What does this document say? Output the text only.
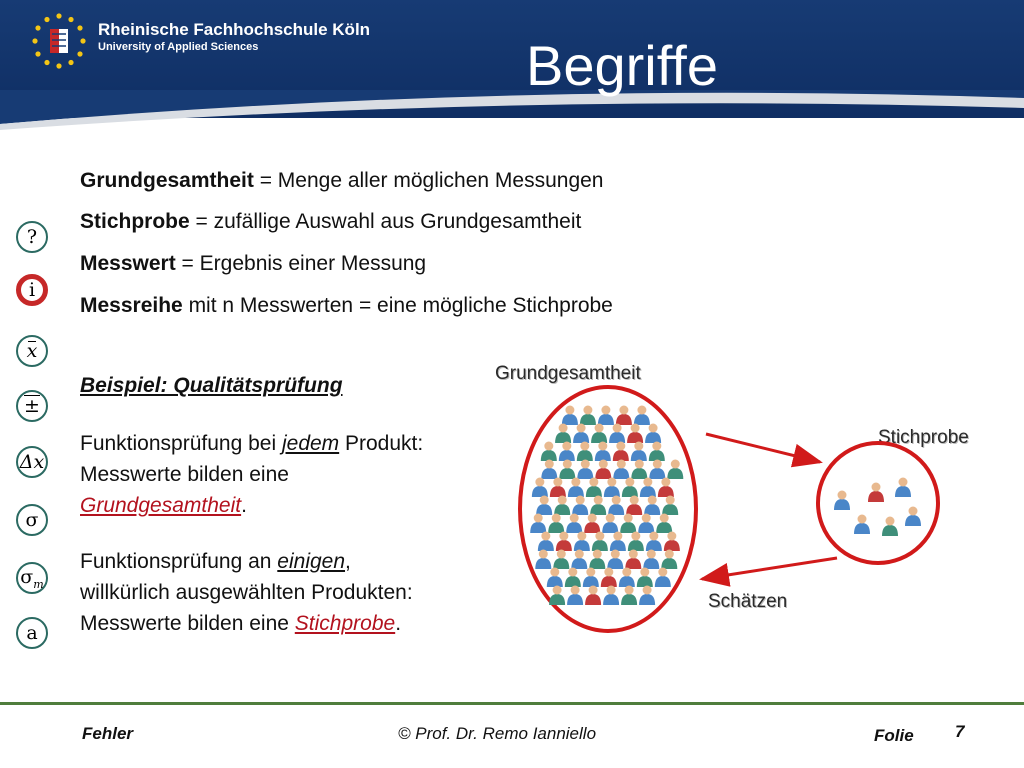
Rheinische Fachhochschule Köln
University of Applied Sciences	Begriffe
?
i
x
±
Δx
σ
$\sigma_m$
a
Grundgesamtheit = Menge aller möglichen Messungen
Stichprobe = zufällige Auswahl aus Grundgesamtheit
Messwert = Ergebnis einer Messung
Messreihe mit n Messwerten = eine mögliche Stichprobe
Beispiel: Qualitätsprüfung
Funktionsprüfung bei jedem Produkt:
Messwerte bilden eine
Grundgesamtheit.
Funktionsprüfung an einigen,
willkürlich ausgewählten Produkten:
Messwerte bilden eine Stichprobe.
Grundgesamtheit
Stichprobe
Schätzen
Fehler	© Prof. Dr. Remo Ianniello	Folie 7
